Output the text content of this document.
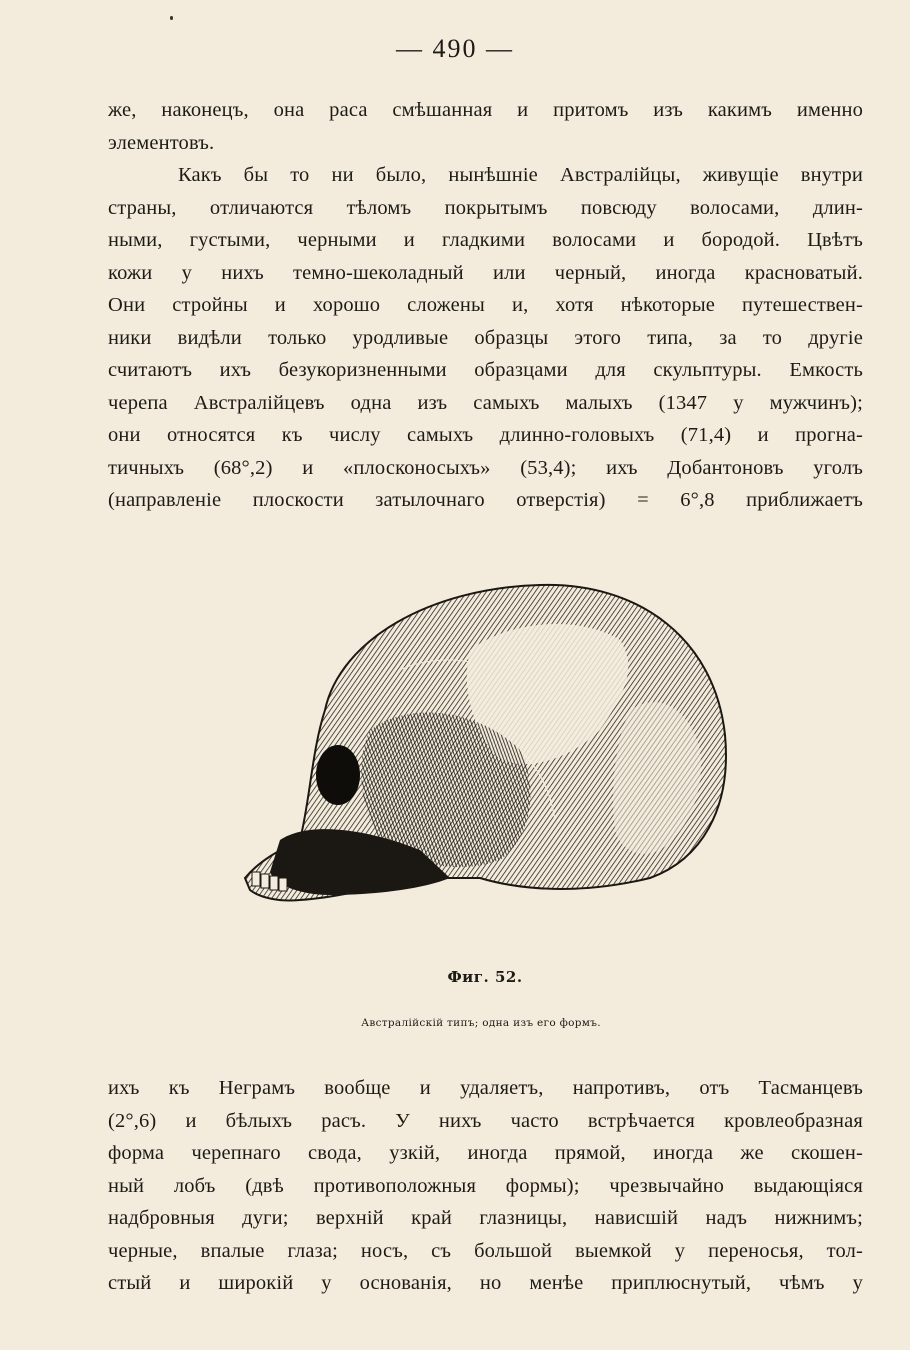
— 490 —
же, наконецъ, она раса смѣшанная и притомъ изъ какимъ именно
элементовъ.
Какъ бы то ни было, нынѣшніе Австралійцы, живущіе внутри
страны, отличаются тѣломъ покрытымъ повсюду волосами, длин-
ными, густыми, черными и гладкими волосами и бородой. Цвѣтъ
кожи у нихъ темно-шеколадный или черный, иногда красноватый.
Они стройны и хорошо сложены и, хотя нѣкоторые путешествен-
ники видѣли только уродливые образцы этого типа, за то другіе
считаютъ ихъ безукоризненными образцами для скульптуры. Емкость
черепа Австралійцевъ одна изъ самыхъ малыхъ (1347 у мужчинъ);
они относятся къ числу самыхъ длинно-головыхъ (71,4) и прогна-
тичныхъ (68°,2) и «плосконосыхъ» (53,4); ихъ Добантоновъ уголъ
(направленіе плоскости затылочнаго отверстія) = 6°,8 приближаетъ
Фиг. 52.
Австралійскій типъ; одна изъ его формъ.
ихъ къ Неграмъ вообще и удаляетъ, напротивъ, отъ Тасманцевъ
(2°,6) и бѣлыхъ расъ. У нихъ часто встрѣчается кровлеобразная
форма черепнаго свода, узкій, иногда прямой, иногда же скошен-
ный лобъ (двѣ противоположныя формы); чрезвычайно выдающіяся
надбровныя дуги; верхній край глазницы, нависшій надъ нижнимъ;
черные, впалые глаза; носъ, съ большой выемкой у переносья, тол-
стый и широкій у основанія, но менѣе приплюснутый, чѣмъ у
